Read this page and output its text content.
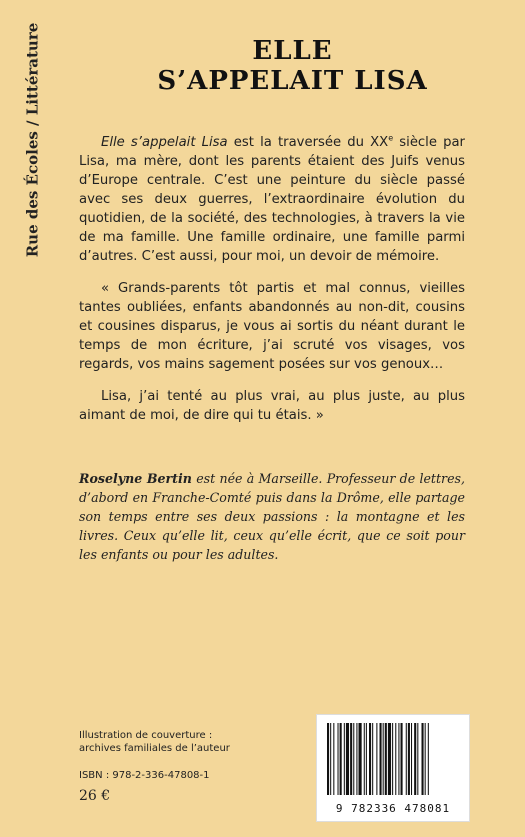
Rue des Écoles / Littérature	ELLE
S’APPELAIT LISA

Elle s’appelait Lisa est la traversée du XXe siècle par Lisa, ma mère, dont les parents étaient des Juifs venus d’Europe centrale. C’est une peinture du siècle passé avec ses deux guerres, l’extraordinaire évolution du quotidien, de la société, des technologies, à travers la vie de ma famille. Une famille ordinaire, une famille parmi d’autres. C’est aussi, pour moi, un devoir de mémoire.

« Grands-parents tôt partis et mal connus, vieilles tantes oubliées, enfants abandonnés au non-dit, cousins et cousines disparus, je vous ai sortis du néant durant le temps de mon écriture, j’ai scruté vos visages, vos regards, vos mains sagement posées sur vos genoux…

Lisa, j’ai tenté au plus vrai, au plus juste, au plus aimant de moi, de dire qui tu étais. »

Roselyne Bertin est née à Marseille. Professeur de lettres, d’abord en Franche-Comté puis dans la Drôme, elle partage son temps entre ses deux passions : la montagne et les livres. Ceux qu’elle lit, ceux qu’elle écrit, que ce soit pour les enfants ou pour les adultes.
Illustration de couverture :
archives familiales de l’auteur
ISBN : 978-2-336-47808-1
26 €
9 782336 478081
